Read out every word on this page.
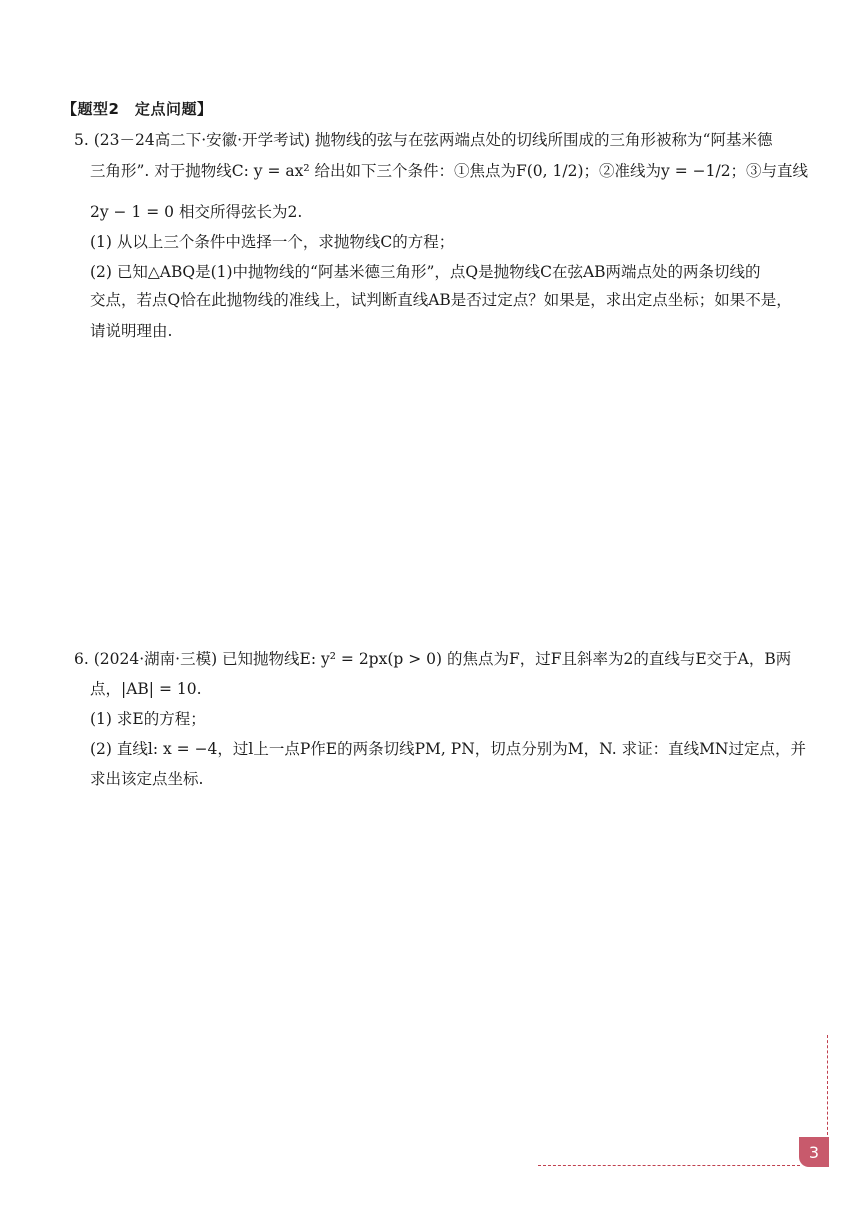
【题型2　定点问题】
5. (23－24高二下·安徽·开学考试) 抛物线的弦与在弦两端点处的切线所围成的三角形被称为“阿基米德
三角形”. 对于抛物线C: y = ax² 给出如下三个条件：①焦点为F(0, 1/2)；②准线为y = −1/2；③与直线
2y − 1 = 0 相交所得弦长为2.
(1) 从以上三个条件中选择一个，求抛物线C的方程；
(2) 已知△ABQ是(1)中抛物线的“阿基米德三角形”，点Q是抛物线C在弦AB两端点处的两条切线的
交点，若点Q恰在此抛物线的准线上，试判断直线AB是否过定点？如果是，求出定点坐标；如果不是，
请说明理由.
6. (2024·湖南·三模) 已知抛物线E: y² = 2px(p > 0) 的焦点为F，过F且斜率为2的直线与E交于A，B两
点，|AB| = 10.
(1) 求E的方程；
(2) 直线l: x = −4，过l上一点P作E的两条切线PM, PN，切点分别为M，N. 求证：直线MN过定点，并
求出该定点坐标.
3
